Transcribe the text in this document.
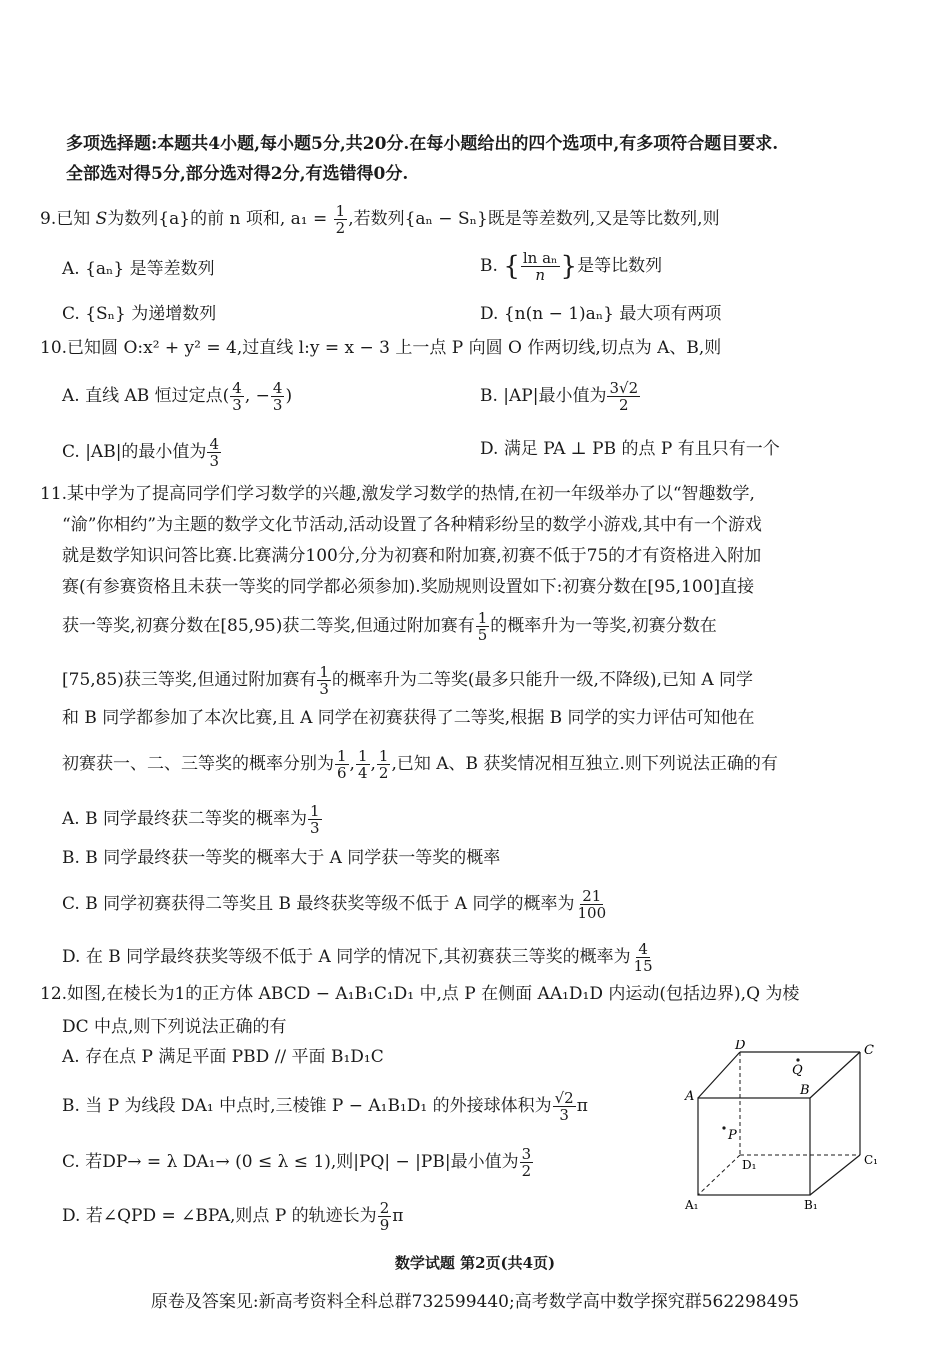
多项选择题:本题共4小题,每小题5分,共20分.在每小题给出的四个选项中,有多项符合题目要求.
全部选对得5分,部分选对得2分,有选错得0分.
9.已知 S为数列{a}的前 n 项和, $a_1 = \frac{1}{2}$ ,若数列{aₙ − Sₙ}既是等差数列,又是等比数列,则
A. {aₙ} 是等差数列	B. { $\frac{\text{ln aₙ}}{n}$ }是等比数列
C. {Sₙ} 为递增数列	D. {n(n − 1)aₙ} 最大项有两项
10.已知圆 O:x² + y² = 4,过直线 l:y = x − 3 上一点 P 向圆 O 作两切线,切点为 A、B,则
A. 直线 AB 恒过定点( $\frac{4}{3}$ , − $\frac{4}{3}$ )	B. |AP|最小值为 $\frac{3√2}{2}$
C. |AB|的最小值为 $\frac{4}{3}$	D. 满足 PA ⊥ PB 的点 P 有且只有一个
11.某中学为了提高同学们学习数学的兴趣,激发学习数学的热情,在初一年级举办了以“智趣数学,
“渝”你相约”为主题的数学文化节活动,活动设置了各种精彩纷呈的数学小游戏,其中有一个游戏
就是数学知识问答比赛.比赛满分100分,分为初赛和附加赛,初赛不低于75的才有资格进入附加
赛(有参赛资格且未获一等奖的同学都必须参加).奖励规则设置如下:初赛分数在[95,100]直接
获一等奖,初赛分数在[85,95)获二等奖,但通过附加赛有 $\frac{1}{5}$ 的概率升为一等奖,初赛分数在
[75,85)获三等奖,但通过附加赛有 $\frac{1}{3}$ 的概率升为二等奖(最多只能升一级,不降级),已知 A 同学
和 B 同学都参加了本次比赛,且 A 同学在初赛获得了二等奖,根据 B 同学的实力评估可知他在
初赛获一、二、三等奖的概率分别为 $\frac{1}{6}$ , $\frac{1}{4}$ , $\frac{1}{2}$ ,已知 A、B 获奖情况相互独立.则下列说法正确的有
A. B 同学最终获二等奖的概率为 $\frac{1}{3}$
B. B 同学最终获一等奖的概率大于 A 同学获一等奖的概率
C. B 同学初赛获得二等奖且 B 最终获奖等级不低于 A 同学的概率为 $\frac{21}{100}$
D. 在 B 同学最终获奖等级不低于 A 同学的情况下,其初赛获三等奖的概率为 $\frac{4}{15}$
12.如图,在棱长为1的正方体 ABCD − A₁B₁C₁D₁ 中,点 P 在侧面 AA₁D₁D 内运动(包括边界),Q 为棱
DC 中点,则下列说法正确的有
A. 存在点 P 满足平面 PBD // 平面 B₁D₁C
B. 当 P 为线段 DA₁ 中点时,三棱锥 P − A₁B₁D₁ 的外接球体积为 $\frac{√2}{3}$ π
C. 若DP→ = λ DA₁→ (0 ≤ λ ≤ 1),则|PQ| − |PB|最小值为 $\frac{3}{2}$
D. 若∠QPD = ∠BPA,则点 P 的轨迹长为 $\frac{2}{9}$ π
D
Q
C
A	B
P
D₁	C₁
A₁	B₁
数学试题 第2页(共4页)
原卷及答案见:新高考资料全科总群732599440;高考数学高中数学探究群562298495
